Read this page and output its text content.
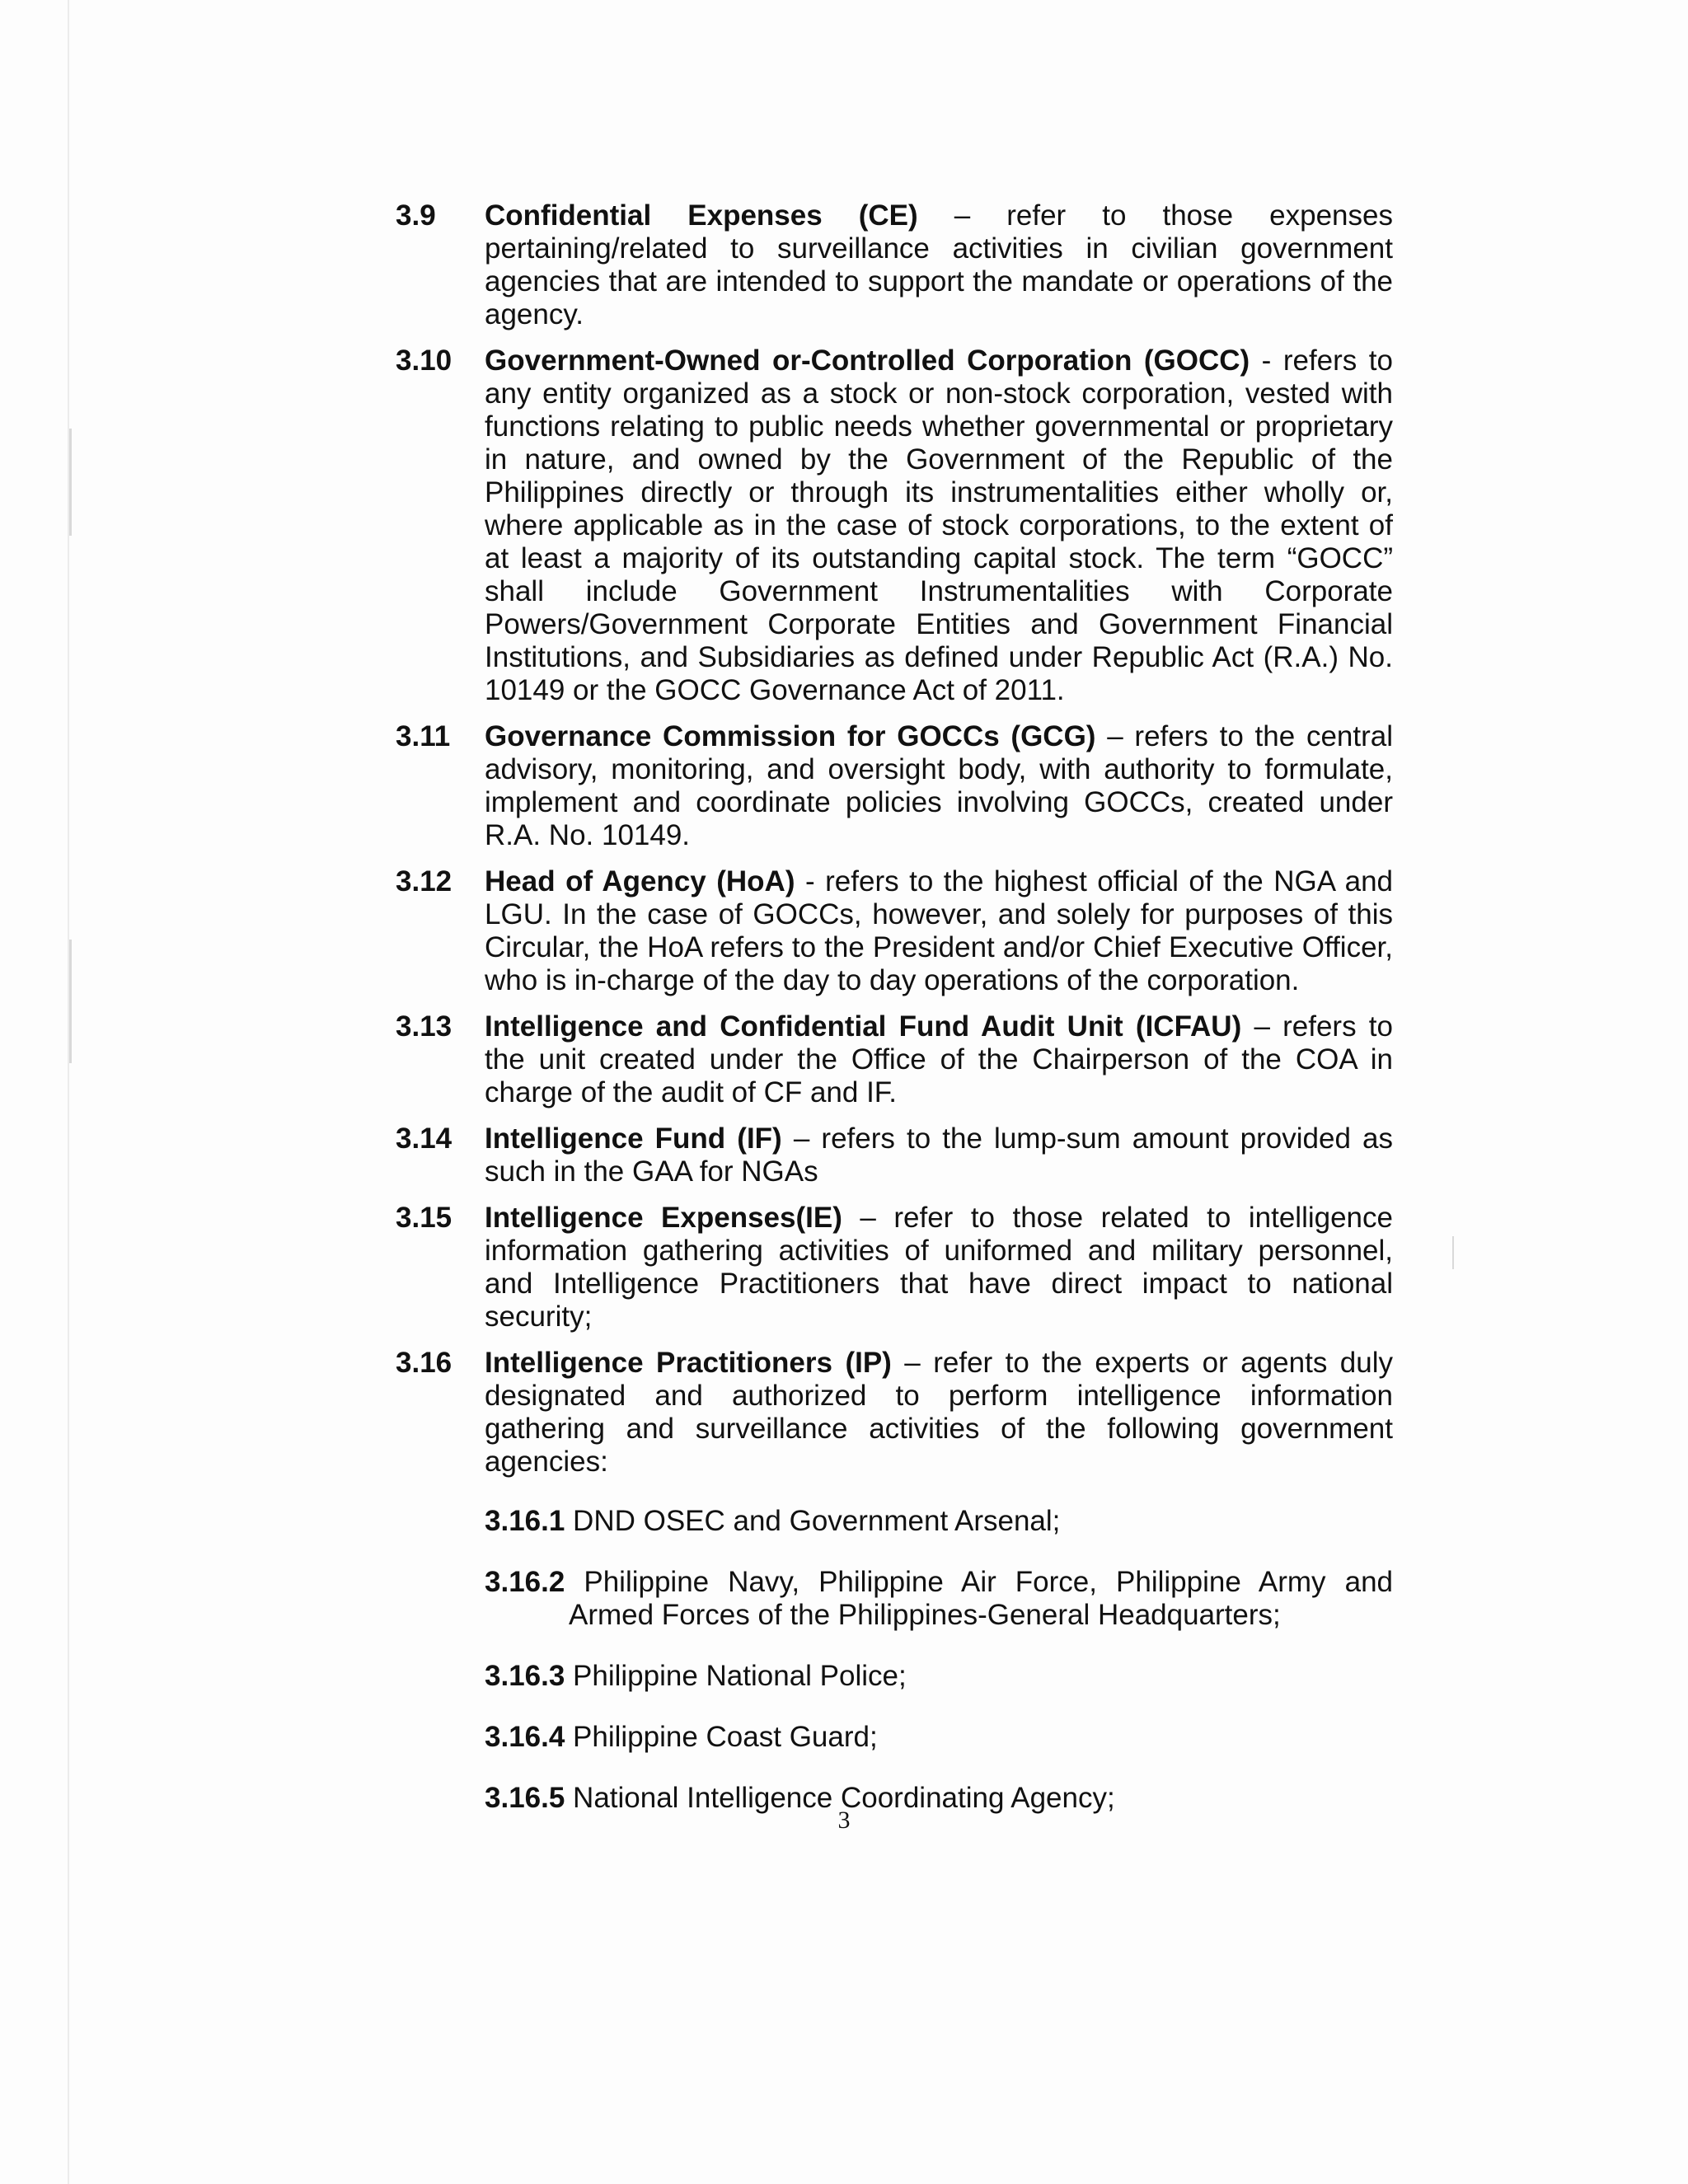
3.9	Confidential Expenses (CE) – refer to those expenses pertaining/related to surveillance activities in civilian government agencies that are intended to support the mandate or operations of the agency.
3.10	Government-Owned or-Controlled Corporation (GOCC) - refers to any entity organized as a stock or non-stock corporation, vested with functions relating to public needs whether governmental or proprietary in nature, and owned by the Government of the Republic of the Philippines directly or through its instrumentalities either wholly or, where applicable as in the case of stock corporations, to the extent of at least a majority of its outstanding capital stock. The term “GOCC” shall include Government Instrumentalities with Corporate Powers/Government Corporate Entities and Government Financial Institutions, and Subsidiaries as defined under Republic Act (R.A.) No. 10149 or the GOCC Governance Act of 2011.
3.11	Governance Commission for GOCCs (GCG) – refers to the central advisory, monitoring, and oversight body, with authority to formulate, implement and coordinate policies involving GOCCs, created under R.A. No. 10149.
3.12	Head of Agency (HoA) - refers to the highest official of the NGA and LGU. In the case of GOCCs, however, and solely for purposes of this Circular, the HoA refers to the President and/or Chief Executive Officer, who is in-charge of the day to day operations of the corporation.
3.13	Intelligence and Confidential Fund Audit Unit (ICFAU) – refers to the unit created under the Office of the Chairperson of the COA in charge of the audit of CF and IF.
3.14	Intelligence Fund (IF) – refers to the lump-sum amount provided as such in the GAA for NGAs
3.15	Intelligence Expenses(IE) – refer to those related to intelligence information gathering activities of uniformed and military personnel, and Intelligence Practitioners that have direct impact to national security;
3.16	Intelligence Practitioners (IP) – refer to the experts or agents duly designated and authorized to perform intelligence information gathering and surveillance activities of the following government agencies:
3.16.1 DND OSEC and Government Arsenal;
3.16.2 Philippine Navy, Philippine Air Force, Philippine Army and Armed Forces of the Philippines-General Headquarters;
3.16.3 Philippine National Police;
3.16.4 Philippine Coast Guard;
3.16.5 National Intelligence Coordinating Agency;
3
